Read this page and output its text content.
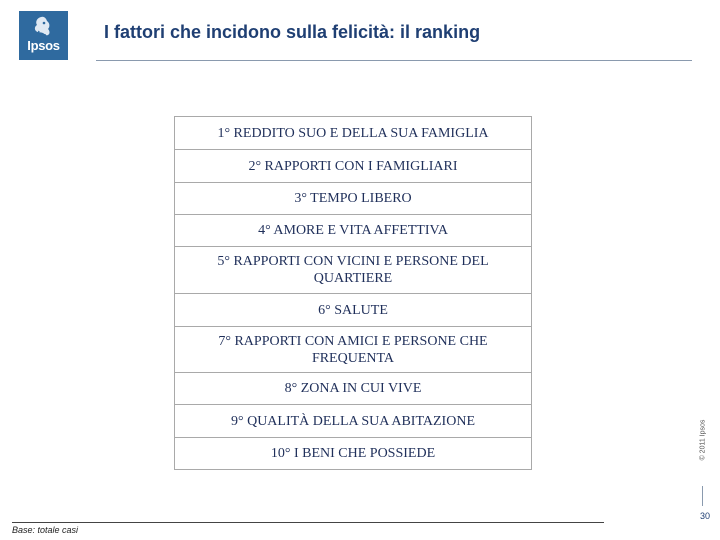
Ipsos
I fattori che incidono sulla felicità: il ranking
1° REDDITO SUO E DELLA SUA FAMIGLIA
2° RAPPORTI CON I FAMIGLIARI
3° TEMPO LIBERO
4° AMORE E VITA AFFETTIVA
5° RAPPORTI CON VICINI E PERSONE DEL QUARTIERE
6° SALUTE
7° RAPPORTI CON AMICI E PERSONE CHE FREQUENTA
8° ZONA IN CUI VIVE
9° QUALITÀ DELLA SUA ABITAZIONE
10° I BENI CHE POSSIEDE	© 2011 Ipsos
30
Base: totale casi
